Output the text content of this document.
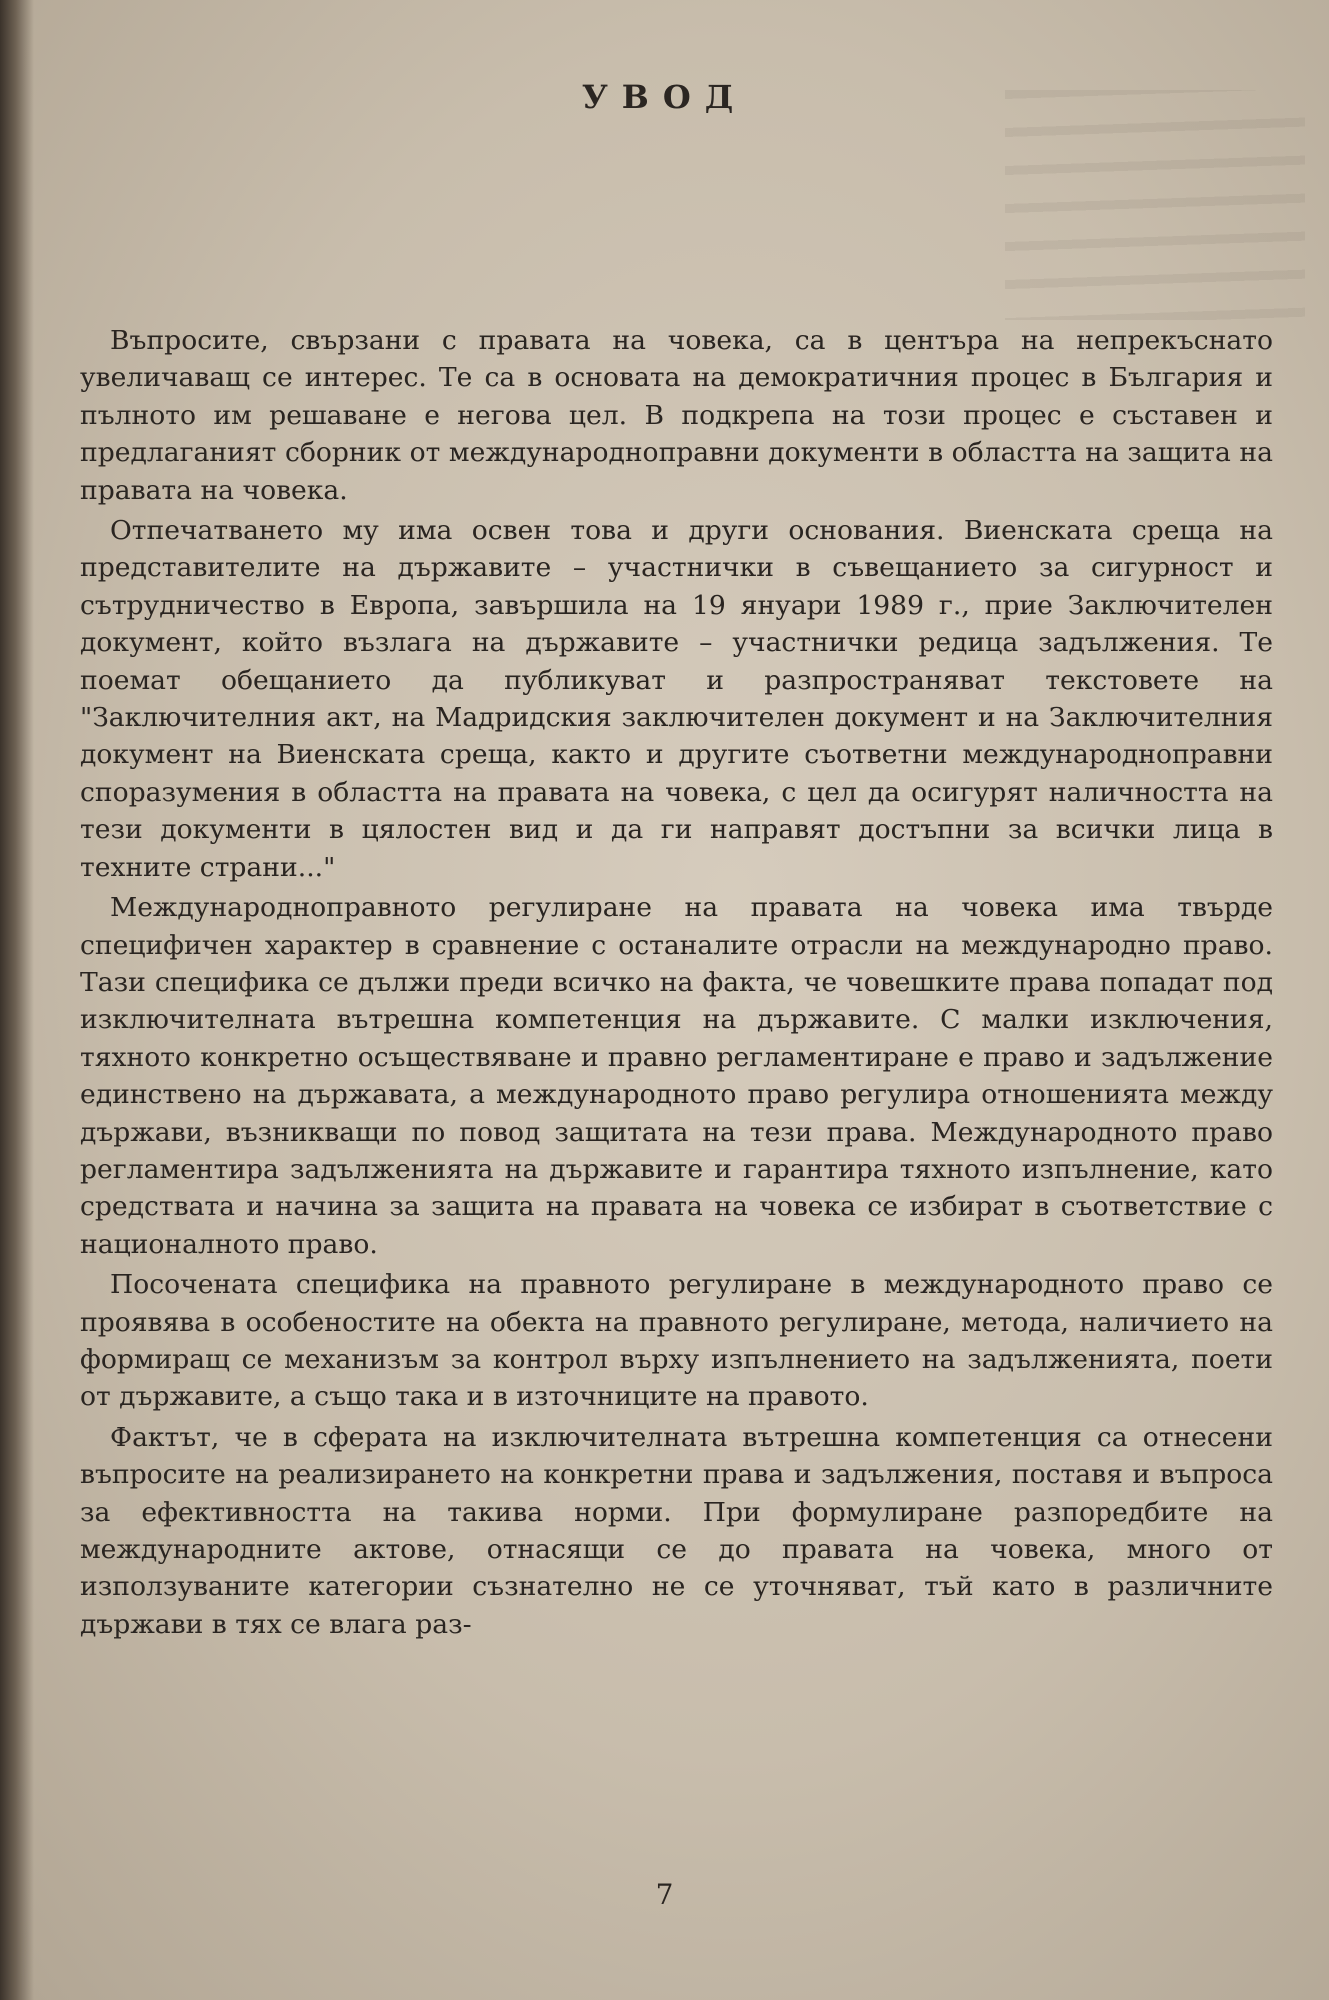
УВОД

Въпросите, свързани с правата на човека, са в центъра на непрекъснато увеличаващ се интерес. Те са в основата на демократичния процес в България и пълното им решаване е негова цел. В подкрепа на този процес е съставен и предлаганият сборник от международноправни документи в областта на защита на правата на човека.

Отпечатването му има освен това и други основания. Виенската среща на представителите на държавите – участнички в съвещанието за сигурност и сътрудничество в Европа, завършила на 19 януари 1989 г., прие Заключителен документ, който възлага на държавите – участнички редица задължения. Те поемат обещанието да публикуват и разпространяват текстовете на "Заключителния акт, на Мадридския заключителен документ и на Заключителния документ на Виенската среща, както и другите съответни международноправни споразумения в областта на правата на човека, с цел да осигурят наличността на тези документи в цялостен вид и да ги направят достъпни за всички лица в техните страни..."

Международноправното регулиране на правата на човека има твърде специфичен характер в сравнение с останалите отрасли на международно право. Тази специфика се дължи преди всичко на факта, че човешките права попадат под изключителната вътрешна компетенция на държавите. С малки изключения, тяхното конкретно осъществяване и правно регламентиране е право и задължение единствено на държавата, а международното право регулира отношенията между държави, възникващи по повод защитата на тези права. Международното право регламентира задълженията на държавите и гарантира тяхното изпълнение, като средствата и начина за защита на правата на човека се избират в съответствие с националното право.

Посочената специфика на правното регулиране в международното право се проявява в особеностите на обекта на правното регулиране, метода, наличието на формиращ се механизъм за контрол върху изпълнението на задълженията, поети от държавите, а също така и в източниците на правото.

Фактът, че в сферата на изключителната вътрешна компетенция са отнесени въпросите на реализирането на конкретни права и задължения, поставя и въпроса за ефективността на такива норми. При формулиране разпоредбите на международните актове, отнасящи се до правата на човека, много от използуваните категории съзнателно не се уточняват, тъй като в различните държави в тях се влага раз-

7
